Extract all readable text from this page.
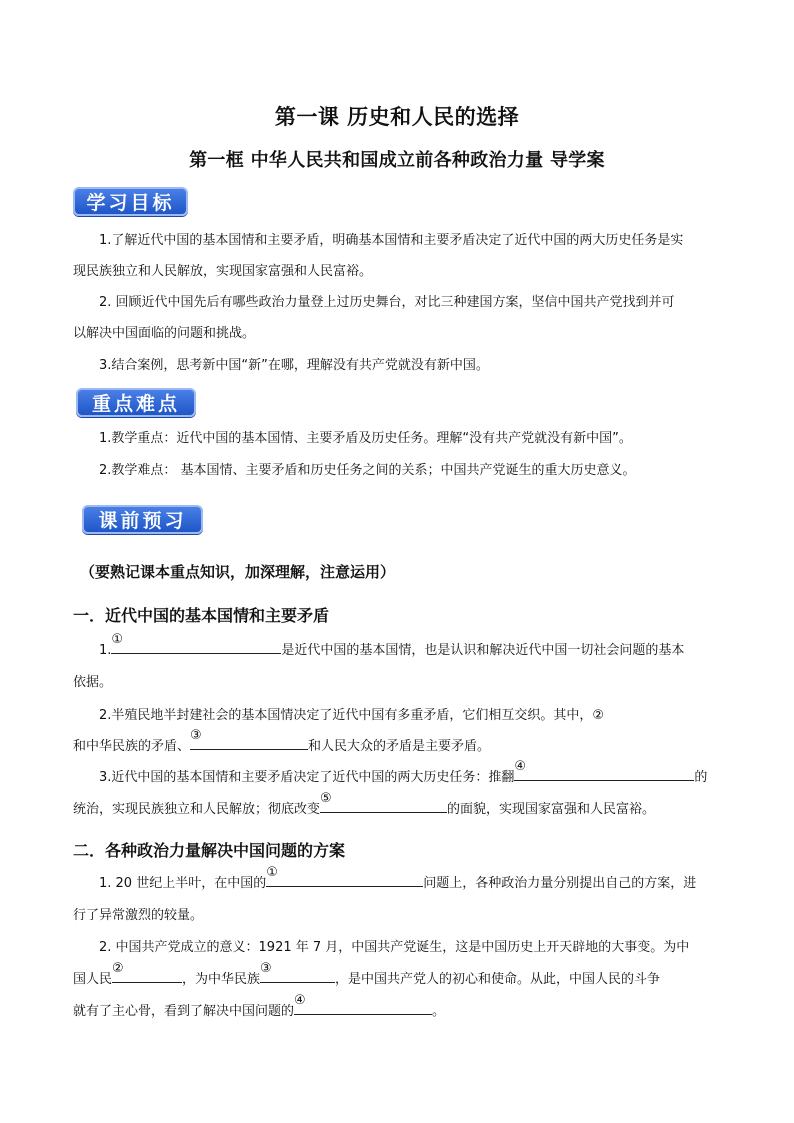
第一课 历史和人民的选择
第一框 中华人民共和国成立前各种政治力量 导学案
学习目标
1.了解近代中国的基本国情和主要矛盾，明确基本国情和主要矛盾决定了近代中国的两大历史任务是实
现民族独立和人民解放，实现国家富强和人民富裕。
2. 回顾近代中国先后有哪些政治力量登上过历史舞台，对比三种建国方案，坚信中国共产党找到并可
以解决中国面临的问题和挑战。
3.结合案例，思考新中国“新”在哪，理解没有共产党就没有新中国。
重点难点
1.教学重点：近代中国的基本国情、主要矛盾及历史任务。理解“没有共产党就没有新中国”。
2.教学难点： 基本国情、主要矛盾和历史任务之间的关系；中国共产党诞生的重大历史意义。
课前预习
（要熟记课本重点知识，加深理解，注意运用）
一．近代中国的基本国情和主要矛盾
1.
①
是近代中国的基本国情，也是认识和解决近代中国一切社会问题的基本
依据。
2.半殖民地半封建社会的基本国情决定了近代中国有多重矛盾，它们相互交织。其中，②
和中华民族的矛盾、
③
和人民大众的矛盾是主要矛盾。
3.近代中国的基本国情和主要矛盾决定了近代中国的两大历史任务：推翻
④
的
统治，实现民族独立和人民解放；彻底改变
⑤
的面貌，实现国家富强和人民富裕。
二．各种政治力量解决中国问题的方案
1. 20 世纪上半叶，在中国的
①
问题上，各种政治力量分别提出自己的方案，进
行了异常激烈的较量。
2. 中国共产党成立的意义：1921 年 7 月，中国共产党诞生，这是中国历史上开天辟地的大事变。为中
国人民
②
，为中华民族
③
，是中国共产党人的初心和使命。从此，中国人民的斗争
就有了主心骨，看到了解决中国问题的
④
。
